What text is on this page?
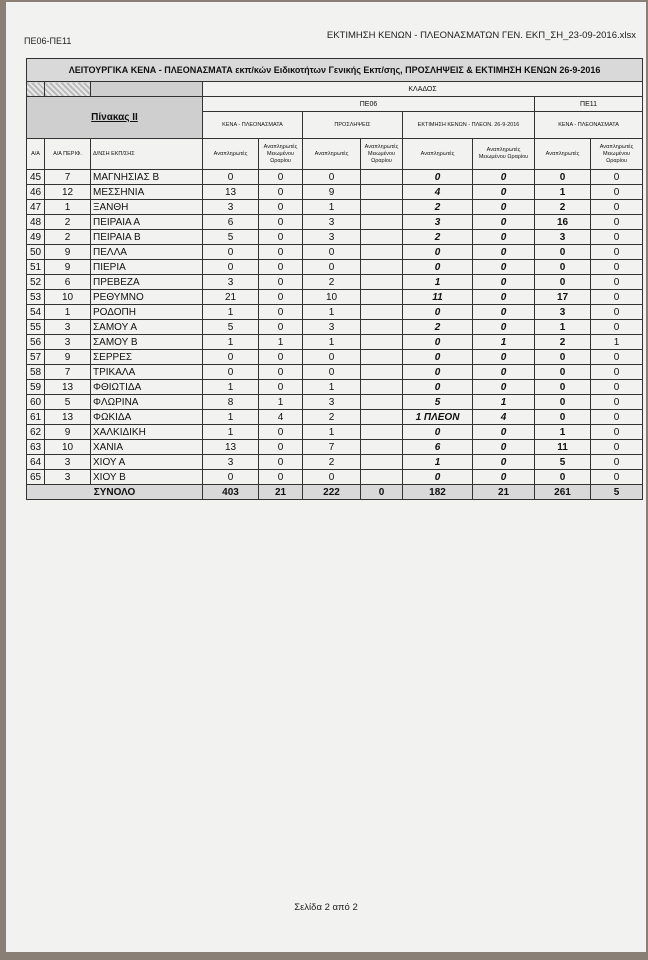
ΠΕ06-ΠΕ11	ΕΚΤΙΜΗΣΗ ΚΕΝΩΝ - ΠΛΕΟΝΑΣΜΑΤΩΝ ΓΕΝ. ΕΚΠ_ΣΗ_23-09-2016.xlsx
ΛΕΙΤΟΥΡΓΙΚΑ ΚΕΝΑ - ΠΛΕΟΝΑΣΜΑΤΑ εκπ/κών Ειδικοτήτων Γενικής Εκπ/σης, ΠΡΟΣΛΗΨΕΙΣ & ΕΚΤΙΜΗΣΗ ΚΕΝΩΝ 26-9-2016										
			ΚΛΑΔΟΣ							
Πίνακας ΙΙ			ΠΕ06						ΠΕ11	
			ΚΕΝΑ - ΠΛΕΟΝΑΣΜΑΤΑ		ΠΡΟΣΛΗΨΕΙΣ		ΕΚΤΙΜΗΣΗ ΚΕΝΩΝ - ΠΛΕΟΝ. 26-9-2016		ΚΕΝΑ - ΠΛΕΟΝΑΣΜΑΤΑ	
Α/Α	Α/Α ΠΕΡΙΦ.	Δ/ΝΣΗ ΕΚΠ/ΣΗΣ	Αναπληρωτές	Αναπληρωτές Μειωμένου Ωραρίου	Αναπληρωτές	Αναπληρωτές Μειωμένου Ωραρίου	Αναπληρωτές	Αναπληρωτές Μειωμένου Ωραρίου	Αναπληρωτές	Αναπληρωτές Μειωμένου Ωραρίου
45	7	ΜΑΓΝΗΣΙΑΣ Β	0	0	0		0	0	0	0
46	12	ΜΕΣΣΗΝΙΑ	13	0	9		4	0	1	0
47	1	ΞΑΝΘΗ	3	0	1		2	0	2	0
48	2	ΠΕΙΡΑΙΑ Α	6	0	3		3	0	16	0
49	2	ΠΕΙΡΑΙΑ Β	5	0	3		2	0	3	0
50	9	ΠΕΛΛΑ	0	0	0		0	0	0	0
51	9	ΠΙΕΡΙΑ	0	0	0		0	0	0	0
52	6	ΠΡΕΒΕΖΑ	3	0	2		1	0	0	0
53	10	ΡΕΘΥΜΝΟ	21	0	10		11	0	17	0
54	1	ΡΟΔΟΠΗ	1	0	1		0	0	3	0
55	3	ΣΑΜΟΥ Α	5	0	3		2	0	1	0
56	3	ΣΑΜΟΥ Β	1	1	1		0	1	2	1
57	9	ΣΕΡΡΕΣ	0	0	0		0	0	0	0
58	7	ΤΡΙΚΑΛΑ	0	0	0		0	0	0	0
59	13	ΦΘΙΩΤΙΔΑ	1	0	1		0	0	0	0
60	5	ΦΛΩΡΙΝΑ	8	1	3		5	1	0	0
61	13	ΦΩΚΙΔΑ	1	4	2		1 ΠΛΕΟΝ	4	0	0
62	9	ΧΑΛΚΙΔΙΚΗ	1	0	1		0	0	1	0
63	10	ΧΑΝΙΑ	13	0	7		6	0	11	0
64	3	ΧΙΟΥ Α	3	0	2		1	0	5	0
65	3	ΧΙΟΥ Β	0	0	0		0	0	0	0
ΣΥΝΟΛΟ			403	21	222	0	182	21	261	5
Σελίδα 2 από 2
